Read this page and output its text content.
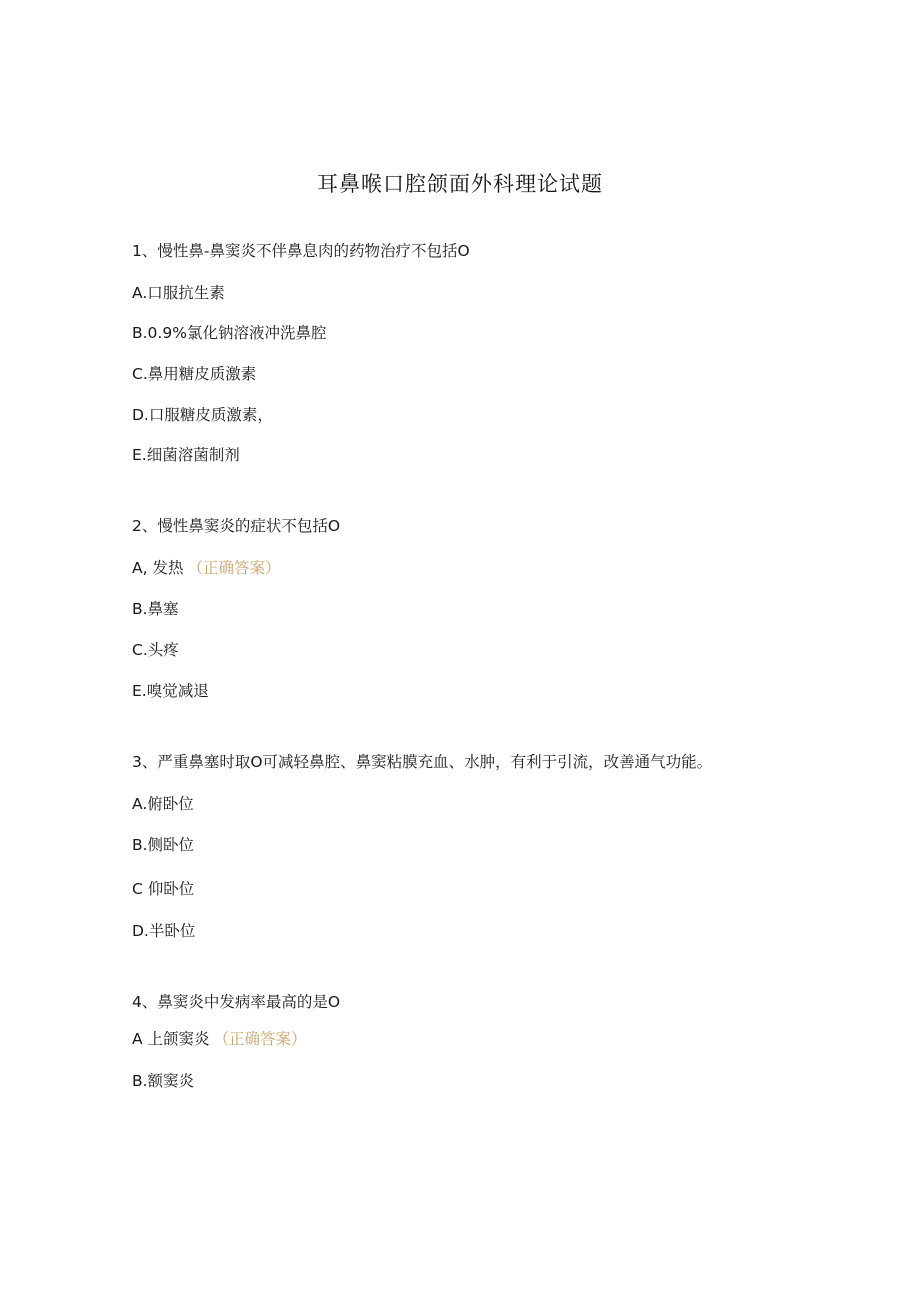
耳鼻喉口腔颌面外科理论试题
1、慢性鼻-鼻窦炎不伴鼻息肉的药物治疗不包括O
A.口服抗生素
B.0.9%氯化钠溶液冲洗鼻腔
C.鼻用糖皮质激素
D.口服糖皮质激素，
E.细菌溶菌制剂
2、慢性鼻窦炎的症状不包括O
A, 发热 （正确答案）
B.鼻塞
C.头疼
E.嗅觉减退
3、严重鼻塞时取O可减轻鼻腔、鼻窦粘膜充血、水肿，有利于引流，改善通气功能。
A.俯卧位
B.侧卧位
C 仰卧位
D.半卧位
4、鼻窦炎中发病率最高的是O
A 上颌窦炎 （正确答案）
B.额窦炎
